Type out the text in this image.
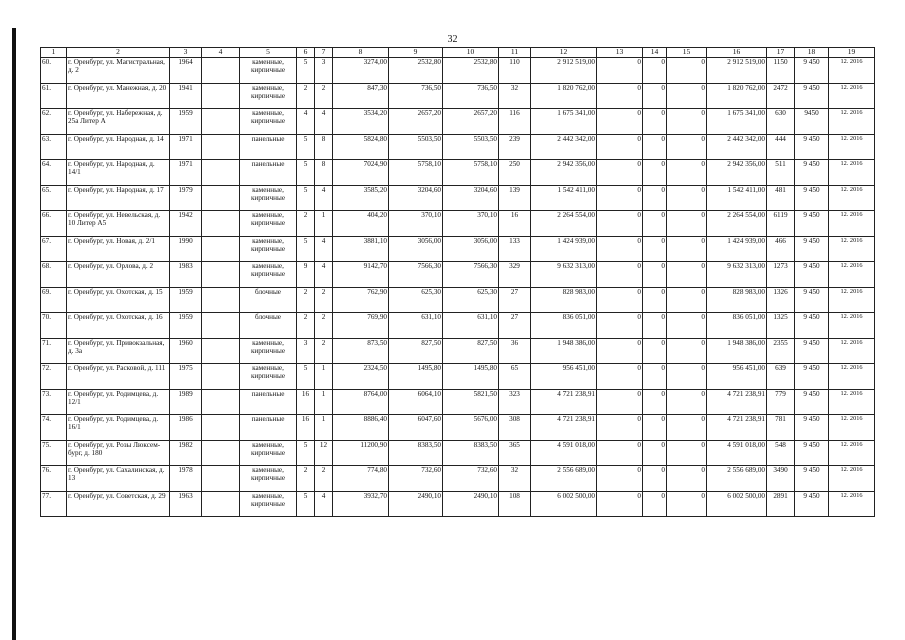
32
1	2	3	4	5	6	7	8	9	10	11	12	13	14	15	16	17	18	19
60.	г. Оренбург, ул. Магистральная, д. 2	1964		каменные, кирпичные	5	3	3274,00	2532,80	2532,80	110	2 912 519,00	0	0	0	2 912 519,00	1150	9 450	12. 2016
61.	г. Оренбург, ул. Манежная, д. 20	1941		каменные, кирпичные	2	2	847,30	736,50	736,50	32	1 820 762,00	0	0	0	1 820 762,00	2472	9 450	12. 2016
62.	г. Оренбург, ул. Набережная, д. 25а Литер А	1959		каменные, кирпичные	4	4	3534,20	2657,20	2657,20	116	1 675 341,00	0	0	0	1 675 341,00	630	9450	12. 2016
63.	г. Оренбург, ул. Народная, д. 14	1971		панельные	5	8	5824,80	5503,50	5503,50	239	2 442 342,00	0	0	0	2 442 342,00	444	9 450	12. 2016
64.	г. Оренбург, ул. Народная, д. 14/1	1971		панельные	5	8	7024,90	5758,10	5758,10	250	2 942 356,00	0	0	0	2 942 356,00	511	9 450	12. 2016
65.	г. Оренбург, ул. Народная, д. 17	1979		каменные, кирпичные	5	4	3585,20	3204,60	3204,60	139	1 542 411,00	0	0	0	1 542 411,00	481	9 450	12. 2016
66.	г. Оренбург, ул. Невельская, д. 10 Литер А5	1942		каменные, кирпичные	2	1	404,20	370,10	370,10	16	2 264 554,00	0	0	0	2 264 554,00	6119	9 450	12. 2016
67.	г. Оренбург, ул. Новая, д. 2/1	1990		каменные, кирпичные	5	4	3881,10	3056,00	3056,00	133	1 424 939,00	0	0	0	1 424 939,00	466	9 450	12. 2016
68.	г. Оренбург, ул. Орлова, д. 2	1983		каменные, кирпичные	9	4	9142,70	7566,30	7566,30	329	9 632 313,00	0	0	0	9 632 313,00	1273	9 450	12. 2016
69.	г. Оренбург, ул. Охотская, д. 15	1959		блочные	2	2	762,90	625,30	625,30	27	828 983,00	0	0	0	828 983,00	1326	9 450	12. 2016
70.	г. Оренбург, ул. Охотская, д. 16	1959		блочные	2	2	769,90	631,10	631,10	27	836 051,00	0	0	0	836 051,00	1325	9 450	12. 2016
71.	г. Оренбург, ул. Привокзальная, д. 3а	1960		каменные, кирпичные	3	2	873,50	827,50	827,50	36	1 948 386,00	0	0	0	1 948 386,00	2355	9 450	12. 2016
72.	г. Оренбург, ул. Расковой, д. 111	1975		каменные, кирпичные	5	1	2324,50	1495,80	1495,80	65	956 451,00	0	0	0	956 451,00	639	9 450	12. 2016
73.	г. Оренбург, ул. Родимцева, д. 12/1	1989		панельные	16	1	8764,00	6064,10	5821,50	323	4 721 238,91	0	0	0	4 721 238,91	779	9 450	12. 2016
74.	г. Оренбург, ул. Родимцева, д. 16/1	1986		панельные	16	1	8886,40	6047,60	5676,00	308	4 721 238,91	0	0	0	4 721 238,91	781	9 450	12. 2016
75.	г. Оренбург, ул. Розы Люксем-бург, д. 180	1982		каменные, кирпичные	5	12	11200,90	8383,50	8383,50	365	4 591 018,00	0	0	0	4 591 018,00	548	9 450	12. 2016
76.	г. Оренбург, ул. Сахалинская, д. 13	1978		каменные, кирпичные	2	2	774,80	732,60	732,60	32	2 556 689,00	0	0	0	2 556 689,00	3490	9 450	12. 2016
77.	г. Оренбург, ул. Советская, д. 29	1963		каменные, кирпичные	5	4	3932,70	2490,10	2490,10	108	6 002 500,00	0	0	0	6 002 500,00	2891	9 450	12. 2016
